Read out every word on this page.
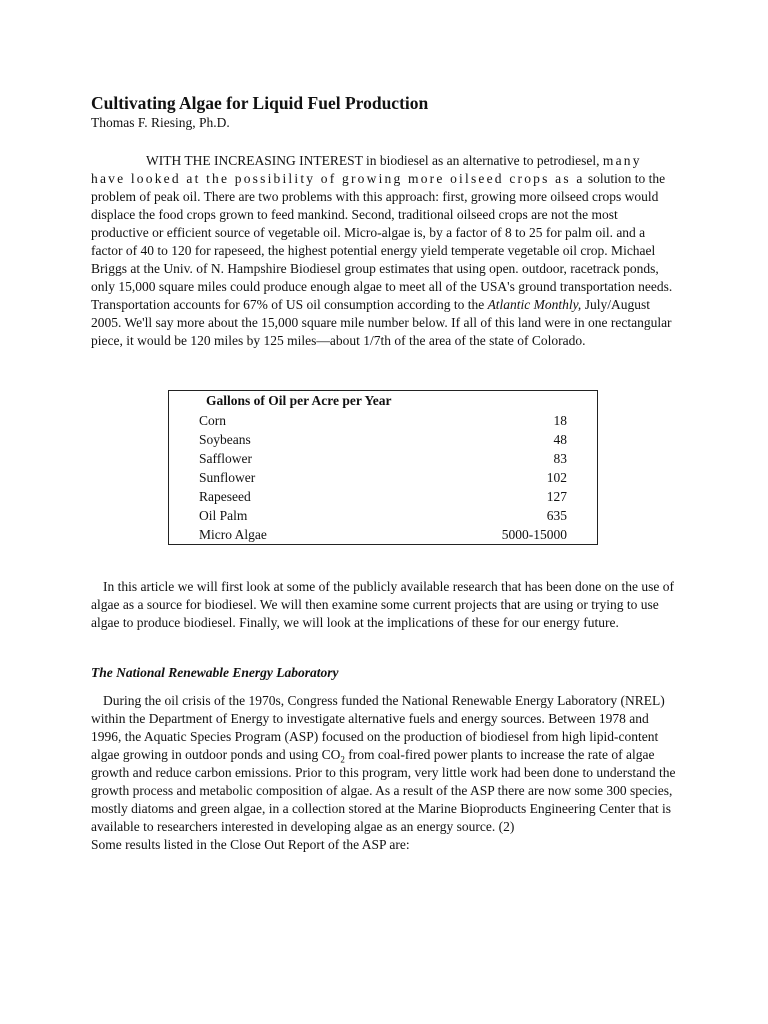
Cultivating Algae for Liquid Fuel Production

Thomas F. Riesing, Ph.D.

WITH THE INCREASING INTEREST in biodiesel as an alternative to petrodiesel, many have looked at the possibility of growing more oilseed crops as a solution to the problem of peak oil. There are two problems with this approach: first, growing more oilseed crops would displace the food crops grown to feed mankind. Second, traditional oilseed crops are not the most productive or efficient source of vegetable oil. Micro-algae is, by a factor of 8 to 25 for palm oil. and a factor of 40 to 120 for rapeseed, the highest potential energy yield temperate vegetable oil crop. Michael Briggs at the Univ. of N. Hampshire Biodiesel group estimates that using open. outdoor, racetrack ponds, only 15,000 square miles could produce enough algae to meet all of the USA's ground transportation needs. Transportation accounts for 67% of US oil consumption according to the Atlantic Monthly, July/August 2005. We'll say more about the 15,000 square mile number below. If all of this land were in one rectangular piece, it would be 120 miles by 125 miles—about 1/7th of the area of the state of Colorado.

Gallons of Oil per Acre per Year
Corn	18
Soybeans	48
Safflower	83
Sunflower	102
Rapeseed	127
Oil Palm	635
Micro Algae	5000-15000

In this article we will first look at some of the publicly available research that has been done on the use of algae as a source for biodiesel. We will then examine some current projects that are using or trying to use algae to produce biodiesel. Finally, we will look at the implications of these for our energy future.

The National Renewable Energy Laboratory

During the oil crisis of the 1970s, Congress funded the National Renewable Energy Laboratory (NREL) within the Department of Energy to investigate alternative fuels and energy sources. Between 1978 and 1996, the Aquatic Species Program (ASP) focused on the production of biodiesel from high lipid-content algae growing in outdoor ponds and using $CO_2$ from coal-fired power plants to increase the rate of algae growth and reduce carbon emissions. Prior to this program, very little work had been done to understand the growth process and metabolic composition of algae. As a result of the ASP there are now some 300 species, mostly diatoms and green algae, in a collection stored at the Marine Bioproducts Engineering Center that is available to researchers interested in developing algae as an energy source. (2)

Some results listed in the Close Out Report of the ASP are:
